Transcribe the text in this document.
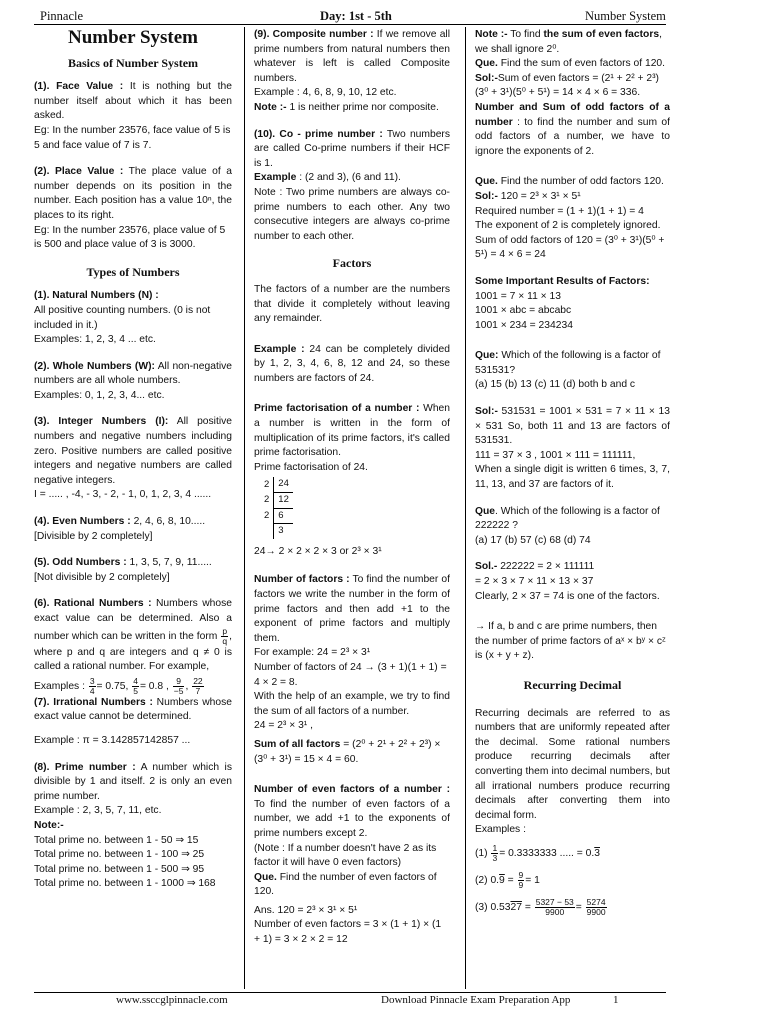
Pinnacle	Day: 1st - 5th	Number System
Number System
Basics of Number System

(1). Face Value : It is nothing but the number itself about which it has been asked.

Eg: In the number 23576, face value of 5 is 5 and face value of 7 is 7.

(2). Place Value : The place value of a number depends on its position in the number. Each position has a value 10ⁿ, the places to its right.

Eg: In the number 23576, place value of 5 is 500 and place value of 3 is 3000.

Types of Numbers

(1). Natural Numbers (N) :

All positive counting numbers. (0 is not included in it.)

Examples: 1, 2, 3, 4 ... etc.

(2). Whole Numbers (W): All non-negative numbers are all whole numbers.

Examples: 0, 1, 2, 3, 4... etc.

(3). Integer Numbers (I): All positive numbers and negative numbers including zero. Positive numbers are called positive integers and negative numbers are called negative integers.

I = ..... , -4, - 3, - 2, - 1, 0, 1, 2, 3, 4 ......

(4). Even Numbers : 2, 4, 6, 8, 10..... [Divisible by 2 completely]

(5). Odd Numbers : 1, 3, 5, 7, 9, 11..... [Not divisible by 2 completely]

(6). Rational Numbers : Numbers whose exact value can be determined. Also a number which can be written in the form $\frac{p}{q}$ , where p and q are integers and q ≠ 0 is called a rational number. For example,

Examples : $\frac{3}{4} = 0.75$, $\frac{4}{5} = 0.8$ , $\frac{9}{-5}$ , $\frac{22}{7}$

(7). Irrational Numbers : Numbers whose exact value cannot be determined.

Example : π = 3.142857142857 ...

(8). Prime number : A number which is divisible by 1 and itself. 2 is only an even prime number.

Example : 2, 3, 5, 7, 11, etc.

Note:-

Total prime no. between 1 - 50 ⇒ 15

Total prime no. between 1 - 100 ⇒ 25

Total prime no. between 1 - 500 ⇒ 95

Total prime no. between 1 - 1000 ⇒ 168

(9). Composite number : If we remove all prime numbers from natural numbers then whatever is left is called Composite numbers.

Example : 4, 6, 8, 9, 10, 12 etc.

Note :- 1 is neither prime nor composite.

(10). Co - prime number : Two numbers are called Co-prime numbers if their HCF is 1.

Example : (2 and 3), (6 and 11).

Note : Two prime numbers are always co-prime numbers to each other. Any two consecutive integers are always co-prime number to each other.

Factors

The factors of a number are the numbers that divide it completely without leaving any remainder.

Example : 24 can be completely divided by 1, 2, 3, 4, 6, 8, 12 and 24, so these numbers are factors of 24.

Prime factorisation of a number : When a number is written in the form of multiplication of its prime factors, it's called prime factorisation.

Prime factorisation of 24.

2	24
2	12
2	6
	3

24→ 2 × 2 × 2 × 3 or 2³ × 3¹

Number of factors : To find the number of factors we write the number in the form of prime factors and then add +1 to the exponent of prime factors and multiply them.

For example: 24 = 2³ × 3¹

Number of factors of 24 → (3 + 1)(1 + 1) = 4 × 2 = 8.

With the help of an example, we try to find the sum of all factors of a number.

24 = 2³ × 3¹ ,

Sum of all factors = (2⁰ + 2¹ + 2² + 2³) × (3⁰ + 3¹) = 15 × 4 = 60.

Number of even factors of a number : To find the number of even factors of a number, we add +1 to the exponents of prime numbers except 2.

(Note : If a number doesn't have 2 as its factor it will have 0 even factors)

Que. Find the number of even factors of 120.

Ans. 120 = 2³ × 3¹ × 5¹

Number of even factors = 3 × (1 + 1) × (1 + 1) = 3 × 2 × 2 = 12

Note :- To find the sum of even factors, we shall ignore 2⁰.

Que. Find the sum of even factors of 120.

Sol:-Sum of even factors = (2¹ + 2² + 2³)(3⁰ + 3¹)(5⁰ + 5¹) = 14 × 4 × 6 = 336.

Number and Sum of odd factors of a number : to find the number and sum of odd factors of a number, we have to ignore the exponents of 2.

Que. Find the number of odd factors 120.

Sol:- 120 = 2³ × 3¹ × 5¹

Required number = (1 + 1)(1 + 1) = 4

The exponent of 2 is completely ignored.

Sum of odd factors of 120 = (3⁰ + 3¹)(5⁰ + 5¹) = 4 × 6 = 24

Some Important Results of Factors:

1001 = 7 × 11 × 13

1001 × abc = abcabc

1001 × 234 = 234234

Que: Which of the following is a factor of 531531?

(a) 15 (b) 13 (c) 11 (d) both b and c

Sol:- 531531 = 1001 × 531 = 7 × 11 × 13 × 531 So, both 11 and 13 are factors of 531531.

111 = 37 × 3 , 1001 × 111 = 111111,

When a single digit is written 6 times, 3, 7, 11, 13, and 37 are factors of it.

Que. Which of the following is a factor of 222222 ?

(a) 17 (b) 57 (c) 68 (d) 74

Sol.- 222222 = 2 × 111111

= 2 × 3 × 7 × 11 × 13 × 37

Clearly, 2 × 37 = 74 is one of the factors.

→ If a, b and c are prime numbers, then the number of prime factors of aˣ × bʸ × cᶻ is (x + y + z).

Recurring Decimal

Recurring decimals are referred to as numbers that are uniformly repeated after the decimal. Some rational numbers produce recurring decimals after converting them into decimal numbers, but all irrational numbers produce recurring decimals after converting them into decimal form.

Examples :

$(1) \frac{1}{3} = 0.3333333$ ..... = 0.3

(2) $0.9 = \frac{9}{9} = 1$

(3) $0.5327 = \frac{5327 - 53}{9900} = \frac{5274}{9900}$

www.ssccglpinnacle.com	Download Pinnacle Exam Preparation App	1
